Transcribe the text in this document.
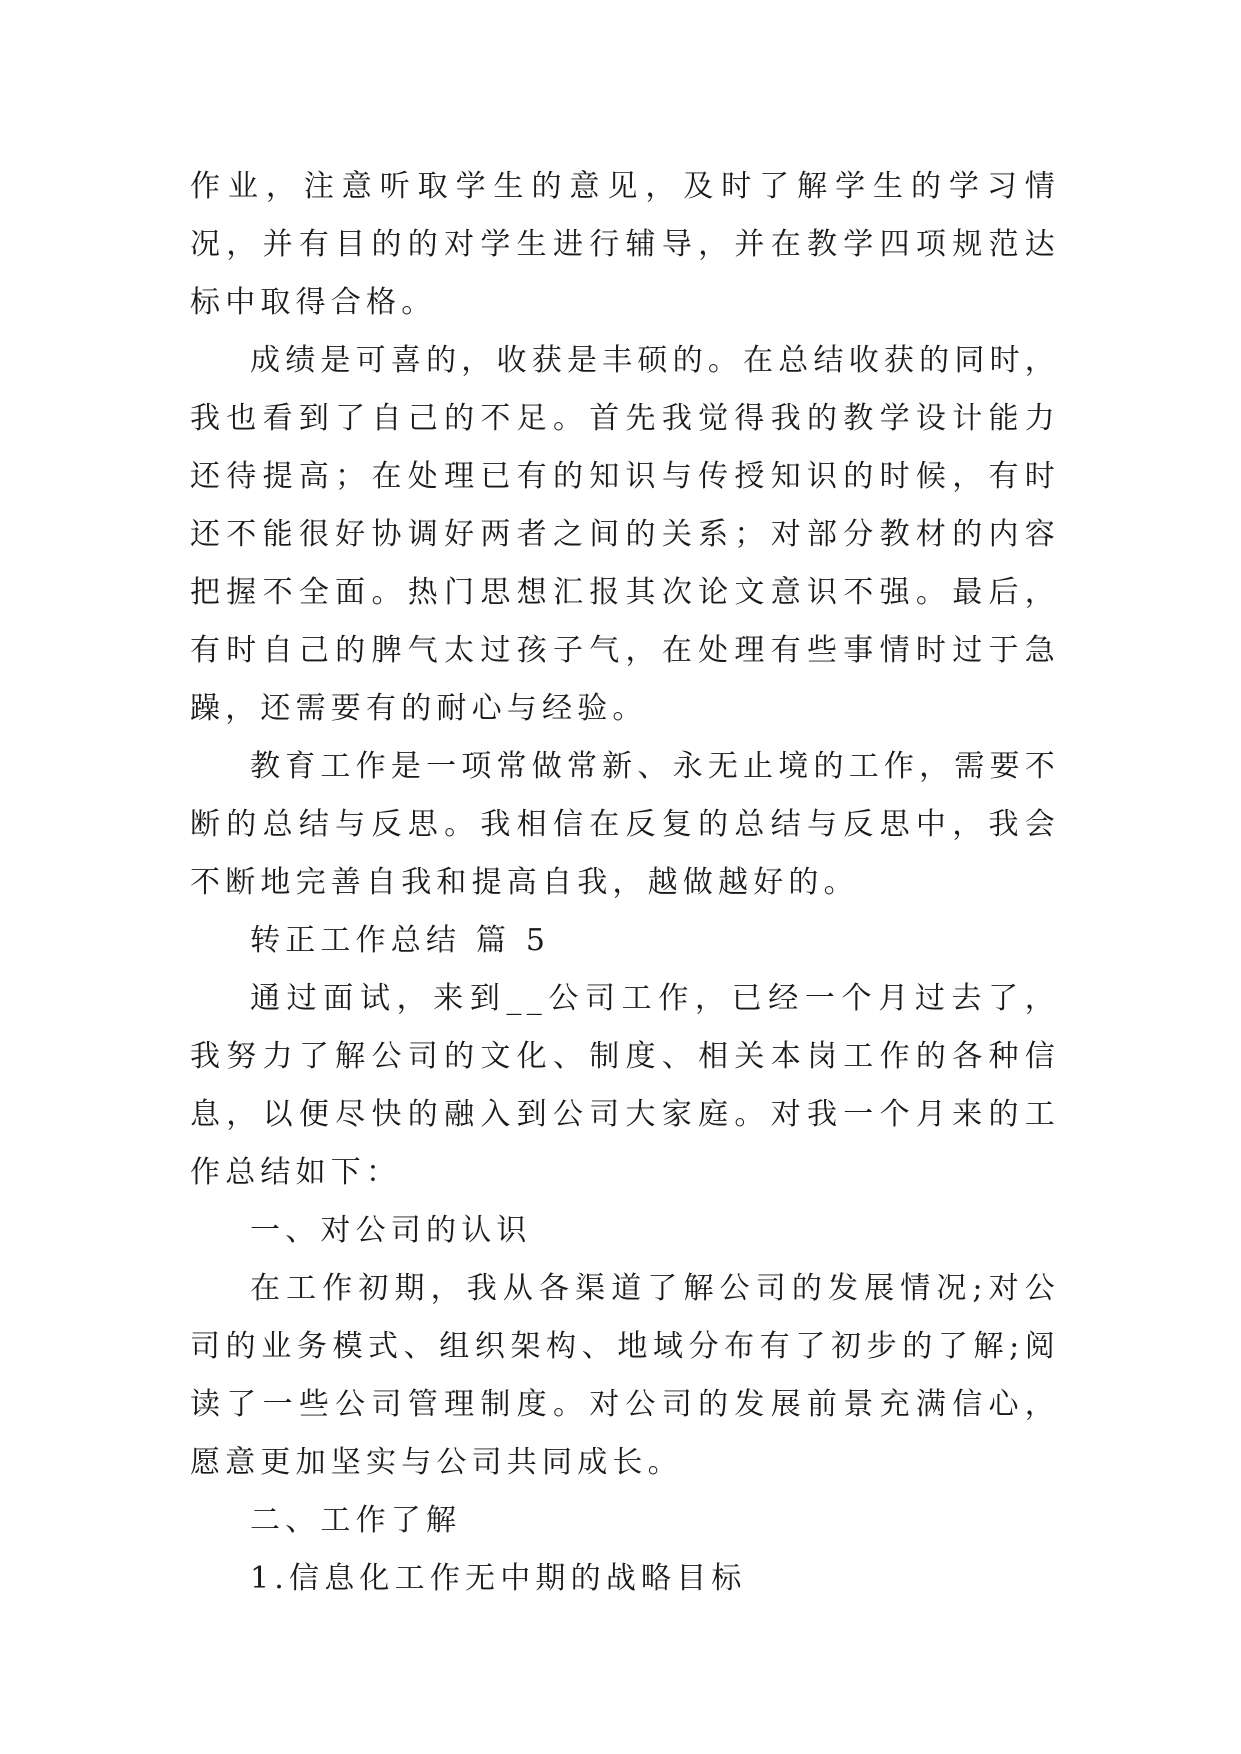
作业，注意听取学生的意见，及时了解学生的学习情况，并有目的的对学生进行辅导，并在教学四项规范达标中取得合格。

成绩是可喜的，收获是丰硕的。在总结收获的同时，我也看到了自己的不足。首先我觉得我的教学设计能力还待提高；在处理已有的知识与传授知识的时候，有时还不能很好协调好两者之间的关系；对部分教材的内容把握不全面。热门思想汇报其次论文意识不强。最后，有时自己的脾气太过孩子气，在处理有些事情时过于急躁，还需要有的耐心与经验。

教育工作是一项常做常新、永无止境的工作，需要不断的总结与反思。我相信在反复的总结与反思中，我会不断地完善自我和提高自我，越做越好的。

转正工作总结 篇 5

通过面试，来到__公司工作，已经一个月过去了，我努力了解公司的文化、制度、相关本岗工作的各种信息，以便尽快的融入到公司大家庭。对我一个月来的工作总结如下：

一、对公司的认识

在工作初期，我从各渠道了解公司的发展情况;对公司的业务模式、组织架构、地域分布有了初步的了解;阅读了一些公司管理制度。对公司的发展前景充满信心，愿意更加坚实与公司共同成长。

二、工作了解

1.信息化工作无中期的战略目标
